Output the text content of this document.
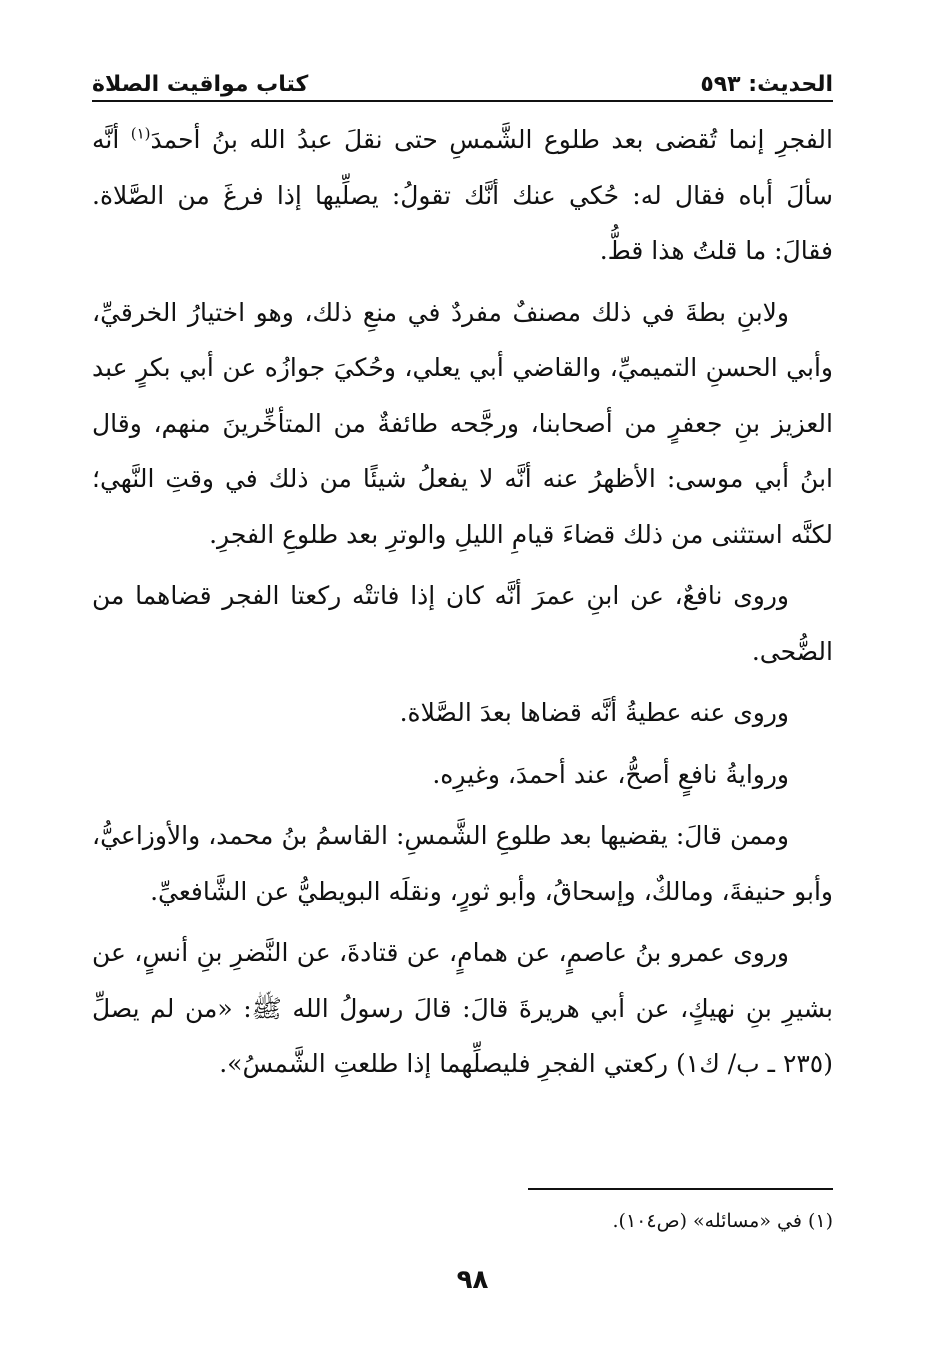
الحديث: ٥٩٣
كتاب مواقيت الصلاة

الفجرِ إنما تُقضى بعد طلوع الشَّمسِ حتى نقلَ عبدُ الله بنُ أحمدَ$^{(١)}$ أنَّه سألَ أباه فقال له: حُكي عنك أنَّك تقولُ: يصلِّيها إذا فرغَ من الصَّلاة. فقالَ: ما قلتُ هذا قطُّ.

ولابنِ بطةَ في ذلك مصنفٌ مفردٌ في منعِ ذلك، وهو اختيارُ الخرقيِّ، وأبي الحسنِ التميميِّ، والقاضي أبي يعلي، وحُكيَ جوازُه عن أبي بكرٍ عبد العزيز بنِ جعفرٍ من أصحابنا، ورجَّحه طائفةٌ من المتأخِّرينَ منهم، وقال ابنُ أبي موسى: الأظهرُ عنه أنَّه لا يفعلُ شيئًا من ذلك في وقتِ النَّهي؛ لكنَّه استثنى من ذلك قضاءَ قيامِ الليلِ والوترِ بعد طلوعِ الفجرِ.

وروى نافعٌ، عن ابنِ عمرَ أنَّه كان إذا فاتتْه ركعتا الفجر قضاهما من الضُّحى.

وروى عنه عطيةُ أنَّه قضاها بعدَ الصَّلاة.

وروايةُ نافعٍ أصحُّ، عند أحمدَ، وغيرِه.

وممن قالَ: يقضيها بعد طلوعِ الشَّمسِ: القاسمُ بنُ محمد، والأوزاعيُّ، وأبو حنيفةَ، ومالكٌ، وإسحاقُ، وأبو ثورٍ، ونقلَه البويطيُّ عن الشَّافعيِّ.

وروى عمرو بنُ عاصمٍ، عن همامٍ، عن قتادةَ، عن النَّضرِ بنِ أنسٍ، عن بشيرِ بنِ نهيكٍ، عن أبي هريرةَ قالَ: قالَ رسولُ الله ﷺ: «من لم يصلِّ (٢٣٥ ـ ب/ ك١) ركعتي الفجرِ فليصلِّهما إذا طلعتِ الشَّمسُ».

(١) في «مسائله» (ص١٠٤).
٩٨
